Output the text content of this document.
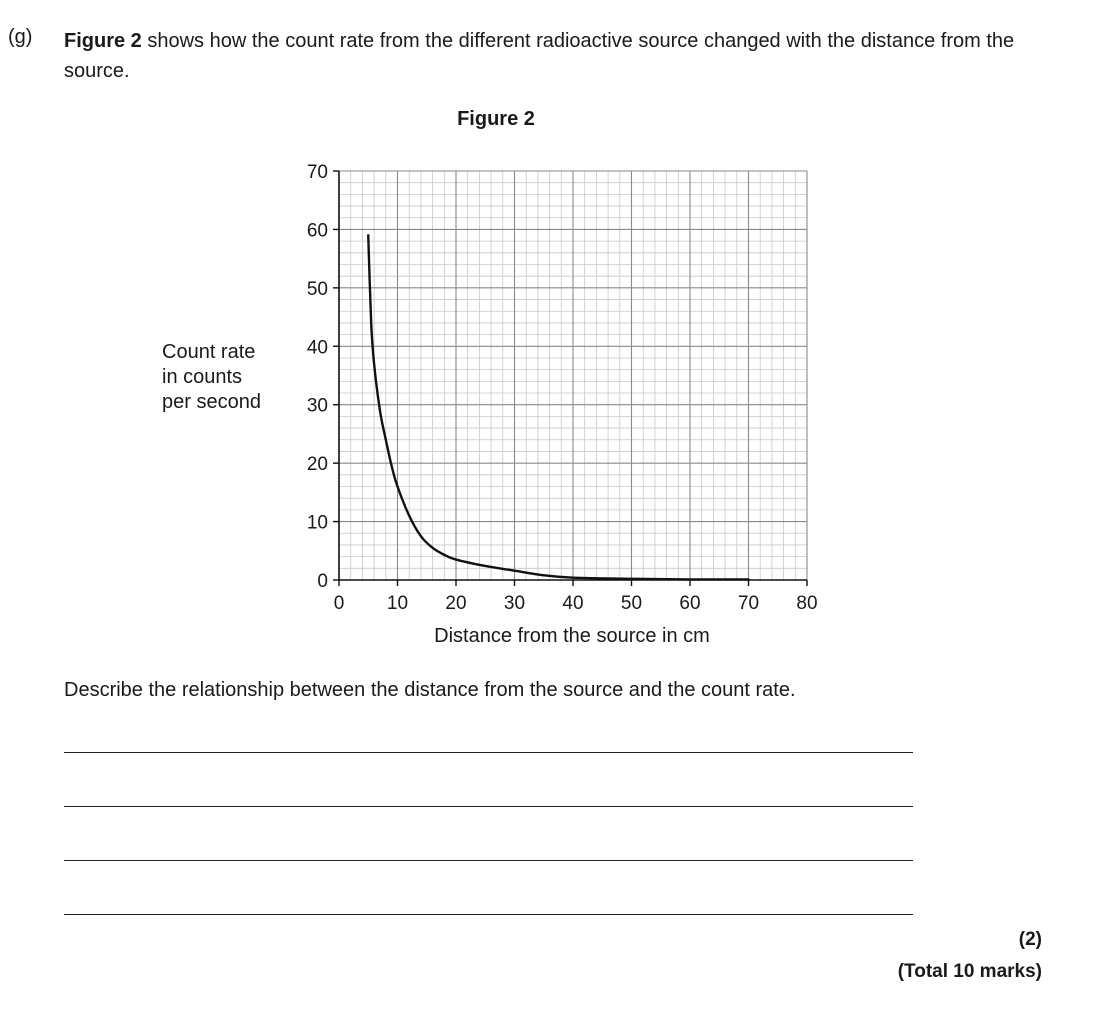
(g) Figure 2 shows how the count rate from the different radioactive source changed with the distance from the source.
Figure 2
Count rate
in counts
per second
0
10
20
30
40
50
60
70
0 10 20 30 40 50 60 70 80
Distance from the source in cm
Describe the relationship between the distance from the source and the count rate.
(2)
(Total 10 marks)
